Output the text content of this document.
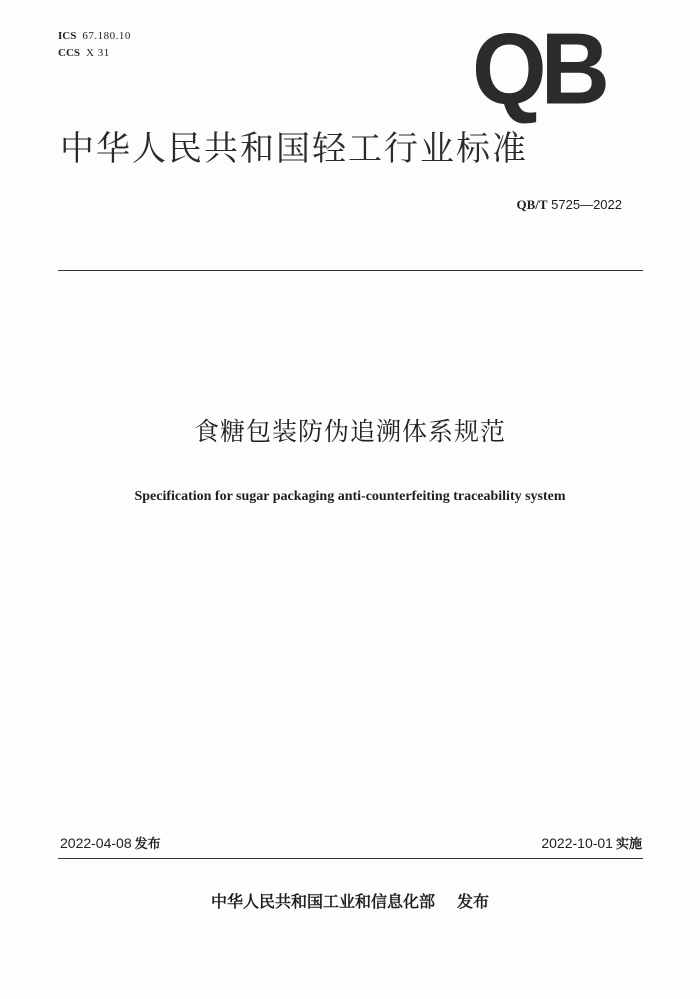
ICS 67.180.10
CCS X 31	QB
中华人民共和国轻工行业标准
QB/T 5725—2022
食糖包装防伪追溯体系规范
Specification for sugar packaging anti-counterfeiting traceability system
2022-04-08 发布	2022-10-01 实施
中华人民共和国工业和信息化部 发布
